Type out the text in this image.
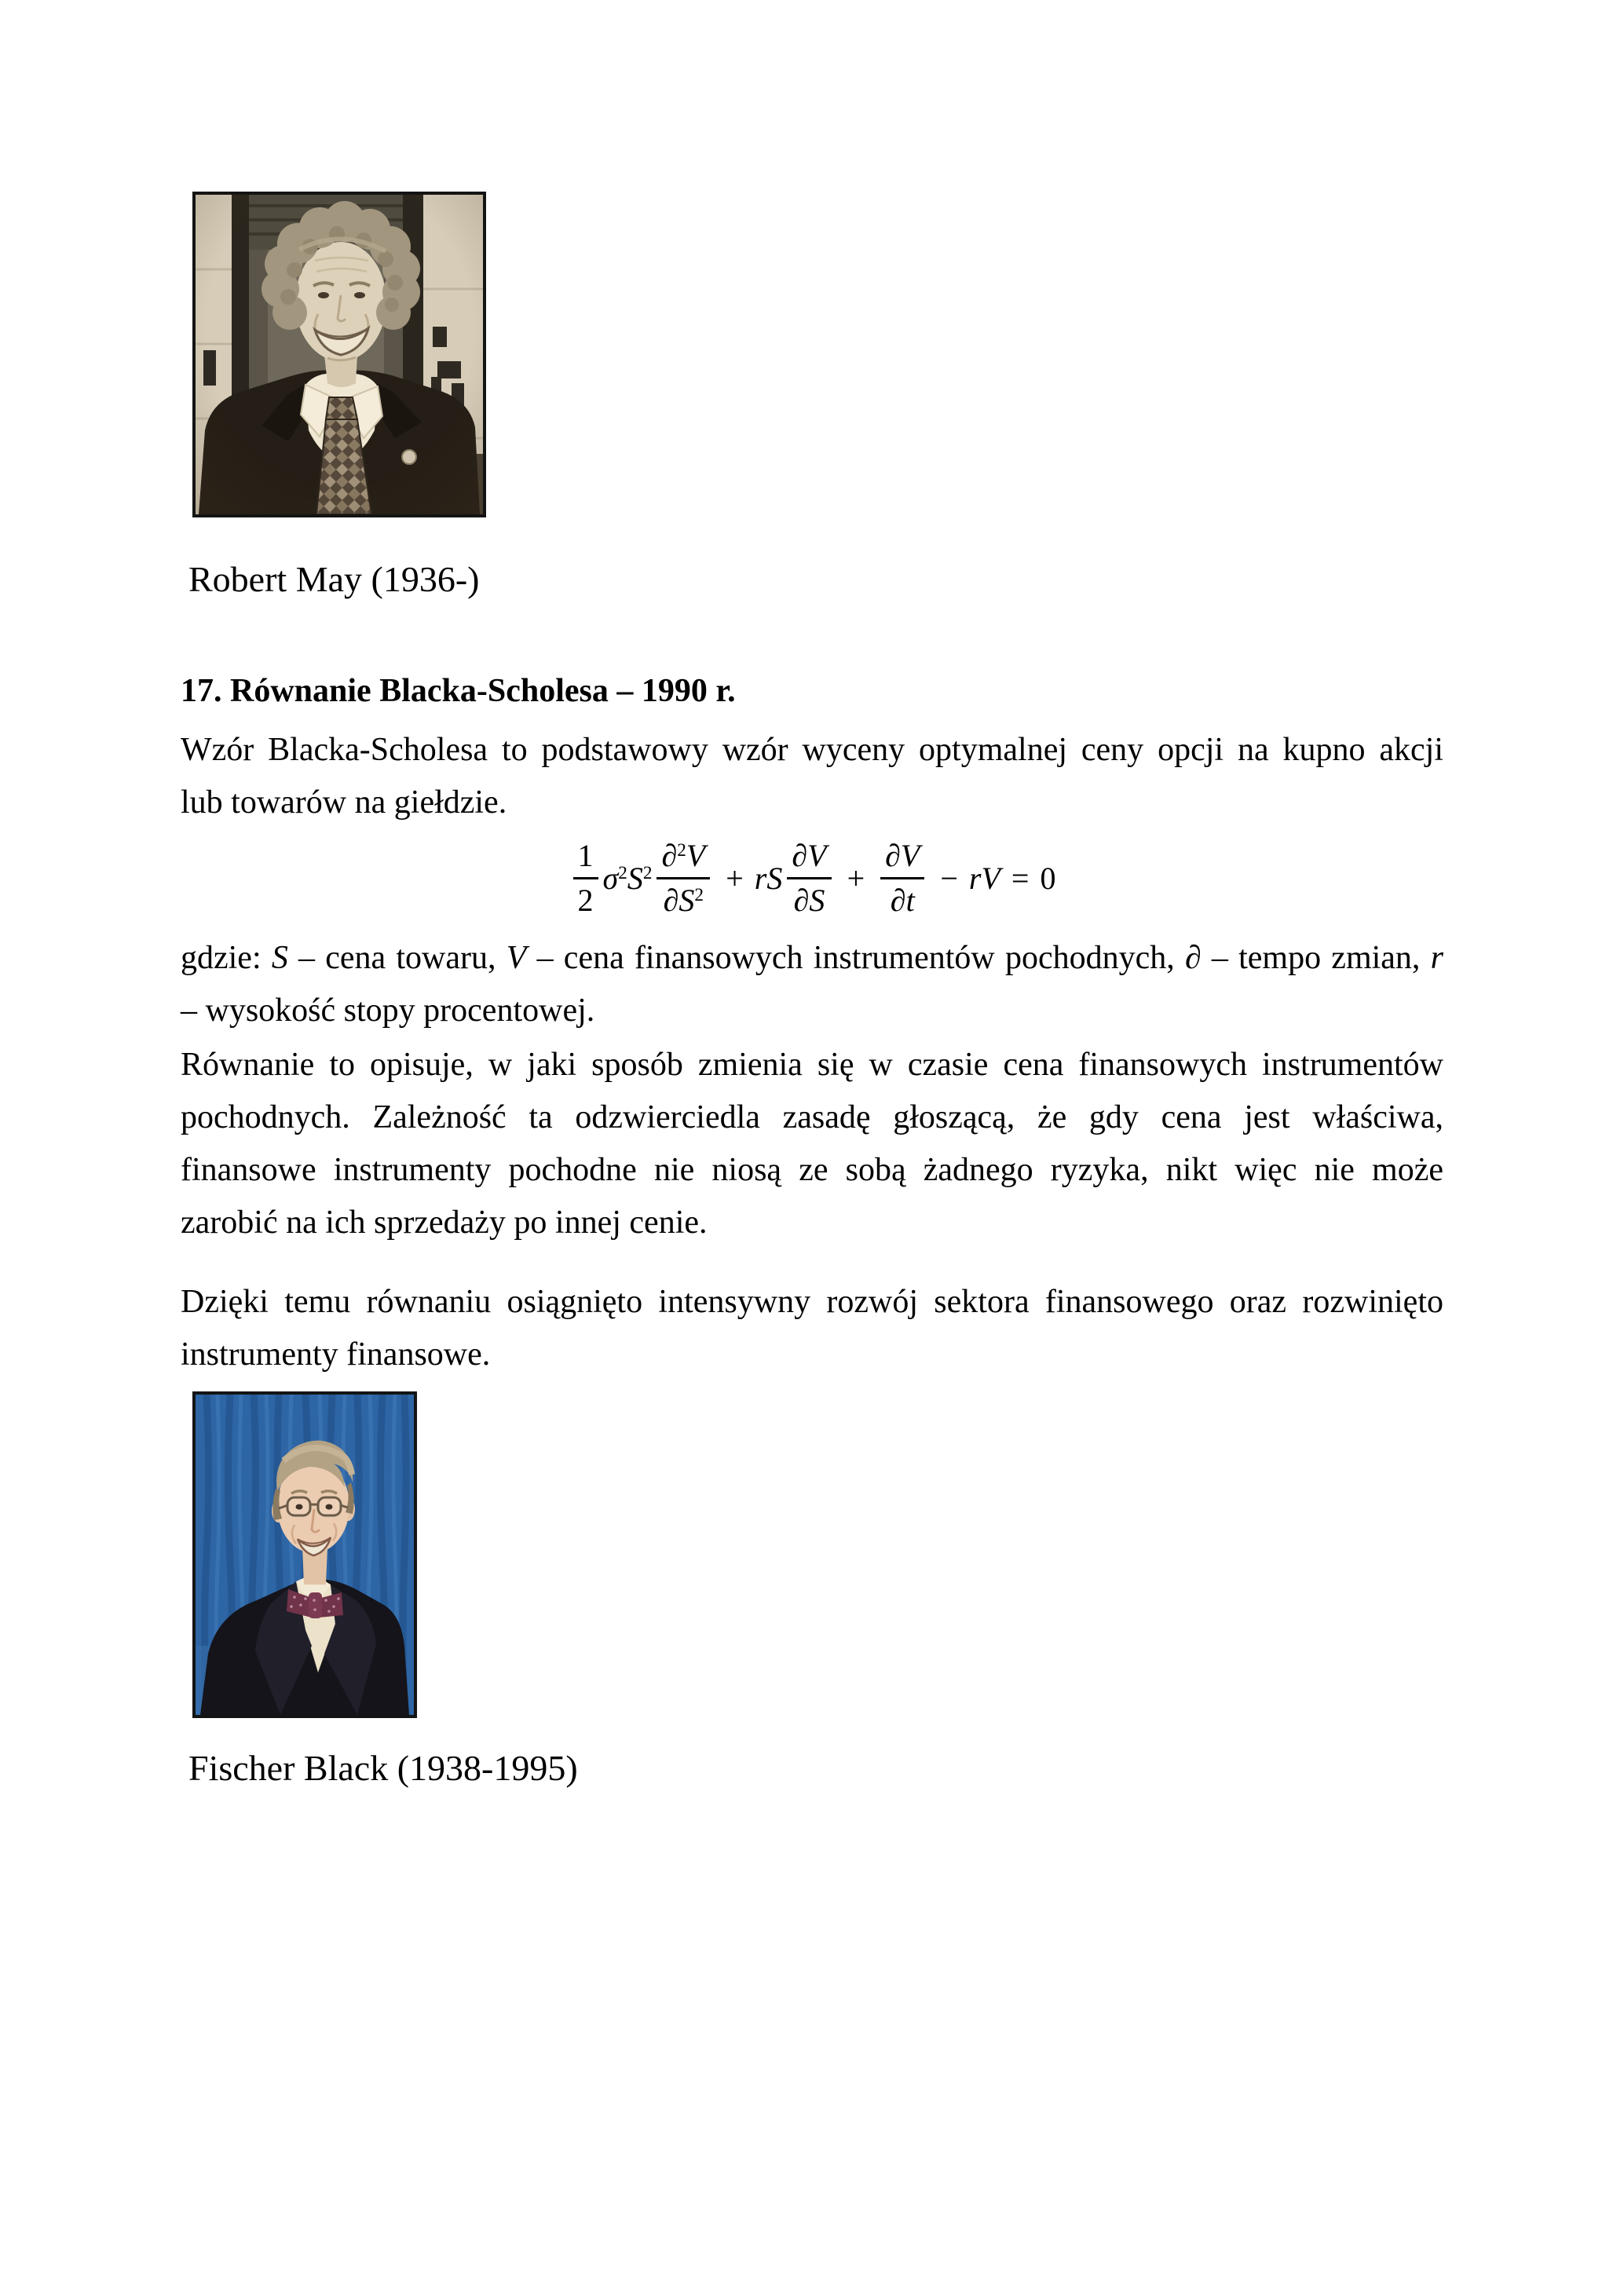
Robert May (1936-)
17. Równanie Blacka-Scholesa – 1990 r.
Wzór Blacka-Scholesa to podstawowy wzór wyceny optymalnej ceny opcji na kupno akcji
lub towarów na giełdzie.
$\frac{1}{2} \sigma^2S^2 \frac{\partial^2V}{\partial S^2}$ + rS $\frac{\partial V}{\partial S} + \frac{\partial V}{\partial t}$ − rV = 0
gdzie: S – cena towaru, V – cena finansowych instrumentów pochodnych, ∂ – tempo zmian, r
– wysokość stopy procentowej.
Równanie to opisuje, w jaki sposób zmienia się w czasie cena finansowych instrumentów
pochodnych. Zależność ta odzwierciedla zasadę głoszącą, że gdy cena jest właściwa,
finansowe instrumenty pochodne nie niosą ze sobą żadnego ryzyka, nikt więc nie może
zarobić na ich sprzedaży po innej cenie.
Dzięki temu równaniu osiągnięto intensywny rozwój sektora finansowego oraz rozwinięto
instrumenty finansowe.
Fischer Black (1938-1995)
